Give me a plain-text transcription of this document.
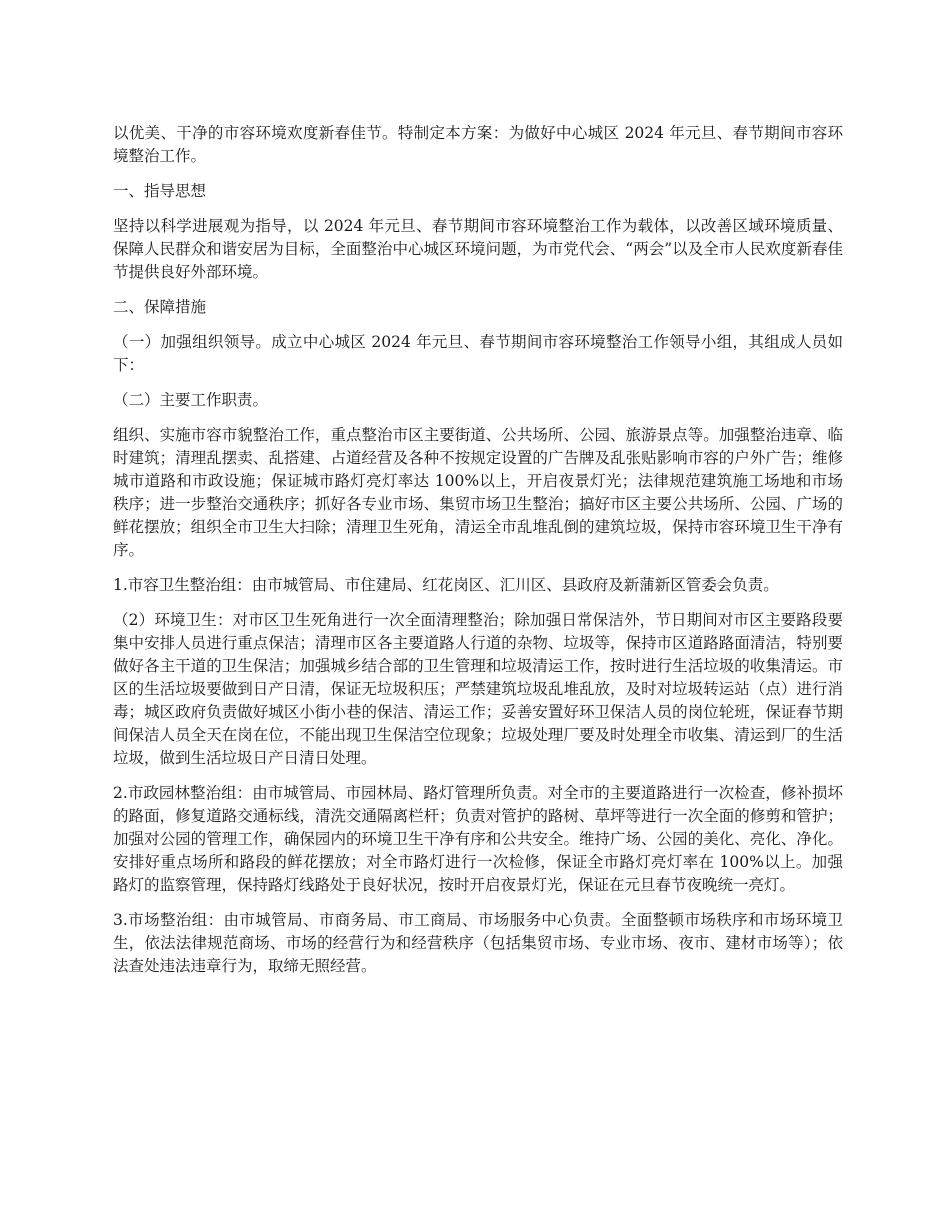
以优美、干净的市容环境欢度新春佳节。特制定本方案：为做好中心城区 2024 年元旦、春节期间市容环境整治工作。

一、指导思想

坚持以科学进展观为指导，以 2024 年元旦、春节期间市容环境整治工作为载体，以改善区域环境质量、保障人民群众和谐安居为目标，全面整治中心城区环境问题，为市党代会、“两会”以及全市人民欢度新春佳节提供良好外部环境。

二、保障措施

（一）加强组织领导。成立中心城区 2024 年元旦、春节期间市容环境整治工作领导小组，其组成人员如下：

（二）主要工作职责。

组织、实施市容市貌整治工作，重点整治市区主要街道、公共场所、公园、旅游景点等。加强整治违章、临时建筑；清理乱摆卖、乱搭建、占道经营及各种不按规定设置的广告牌及乱张贴影响市容的户外广告；维修城市道路和市政设施；保证城市路灯亮灯率达 100%以上，开启夜景灯光；法律规范建筑施工场地和市场秩序；进一步整治交通秩序；抓好各专业市场、集贸市场卫生整治；搞好市区主要公共场所、公园、广场的鲜花摆放；组织全市卫生大扫除；清理卫生死角，清运全市乱堆乱倒的建筑垃圾，保持市容环境卫生干净有序。

1.市容卫生整治组：由市城管局、市住建局、红花岗区、汇川区、县政府及新蒲新区管委会负责。

（2）环境卫生：对市区卫生死角进行一次全面清理整治；除加强日常保洁外，节日期间对市区主要路段要集中安排人员进行重点保洁；清理市区各主要道路人行道的杂物、垃圾等，保持市区道路路面清洁，特别要做好各主干道的卫生保洁；加强城乡结合部的卫生管理和垃圾清运工作，按时进行生活垃圾的收集清运。市区的生活垃圾要做到日产日清，保证无垃圾积压；严禁建筑垃圾乱堆乱放，及时对垃圾转运站（点）进行消毒；城区政府负责做好城区小街小巷的保洁、清运工作；妥善安置好环卫保洁人员的岗位轮班，保证春节期间保洁人员全天在岗在位，不能出现卫生保洁空位现象；垃圾处理厂要及时处理全市收集、清运到厂的生活垃圾，做到生活垃圾日产日清日处理。

2.市政园林整治组：由市城管局、市园林局、路灯管理所负责。对全市的主要道路进行一次检查，修补损坏的路面，修复道路交通标线，清洗交通隔离栏杆；负责对管护的路树、草坪等进行一次全面的修剪和管护；加强对公园的管理工作，确保园内的环境卫生干净有序和公共安全。维持广场、公园的美化、亮化、净化。安排好重点场所和路段的鲜花摆放；对全市路灯进行一次检修，保证全市路灯亮灯率在 100%以上。加强路灯的监察管理，保持路灯线路处于良好状况，按时开启夜景灯光，保证在元旦春节夜晚统一亮灯。

3.市场整治组：由市城管局、市商务局、市工商局、市场服务中心负责。全面整顿市场秩序和市场环境卫生，依法法律规范商场、市场的经营行为和经营秩序（包括集贸市场、专业市场、夜市、建材市场等）；依法查处违法违章行为，取缔无照经营。
